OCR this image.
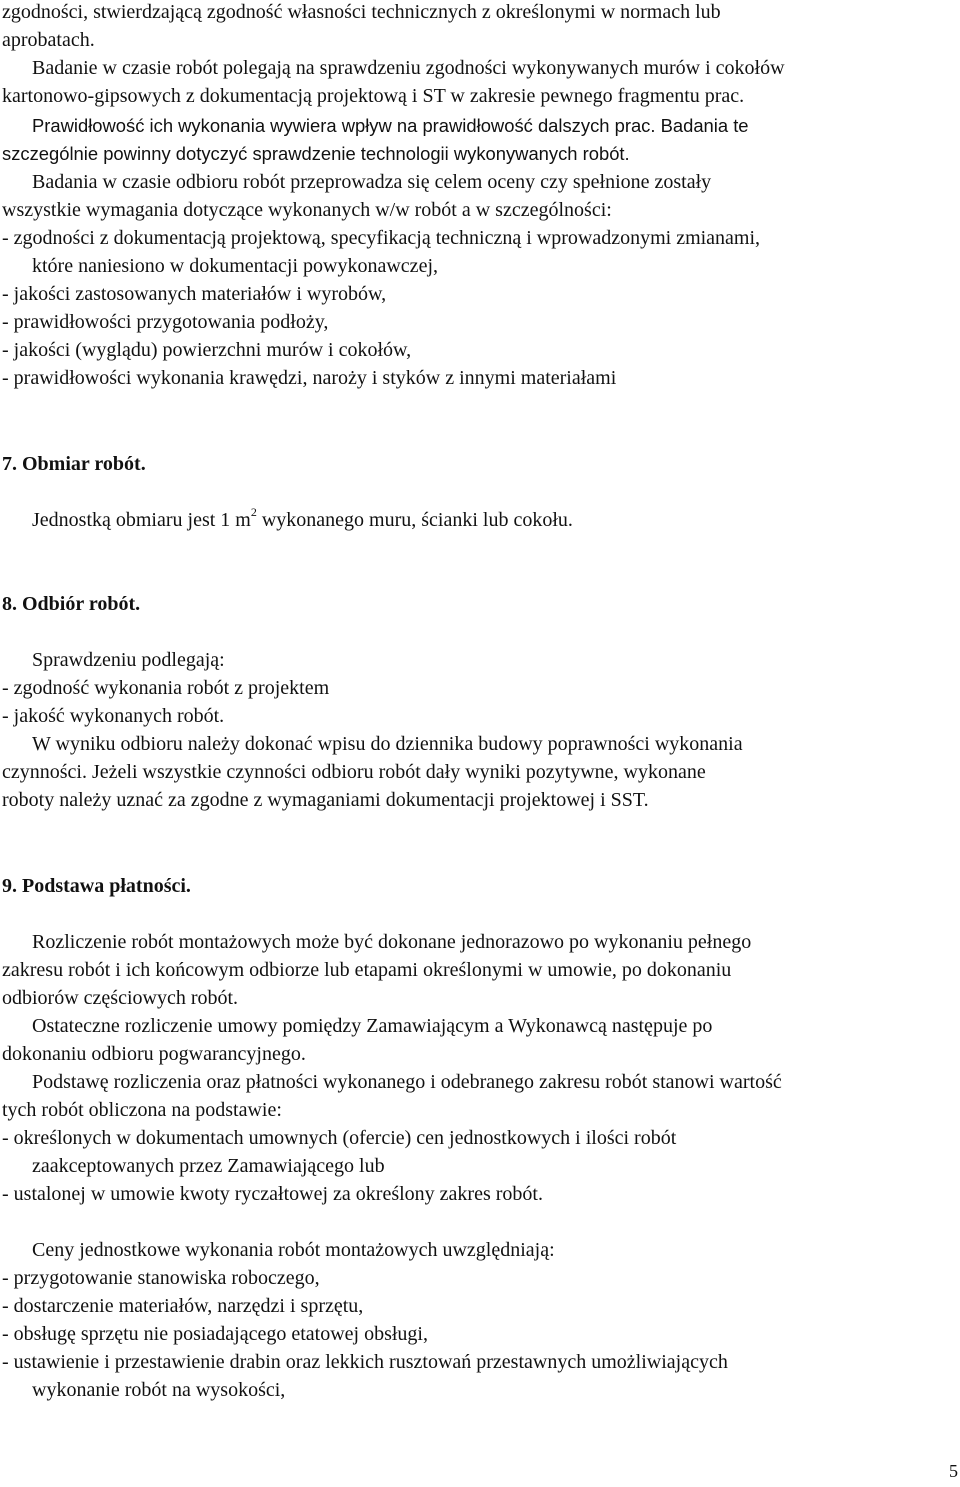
zgodności, stwierdzającą zgodność własności technicznych z określonymi w normach lub
aprobatach.
Badanie w czasie robót polegają na sprawdzeniu zgodności wykonywanych murów i cokołów
kartonowo-gipsowych z dokumentacją projektową i ST w zakresie pewnego fragmentu prac.
Prawidłowość ich wykonania wywiera wpływ na prawidłowość dalszych prac. Badania te
szczególnie powinny dotyczyć sprawdzenie technologii wykonywanych robót.
Badania w czasie odbioru robót przeprowadza się celem oceny czy spełnione zostały
wszystkie wymagania dotyczące wykonanych w/w robót a w szczególności:
- zgodności z dokumentacją projektową, specyfikacją techniczną i wprowadzonymi zmianami,
które naniesiono w dokumentacji powykonawczej,
- jakości zastosowanych materiałów i wyrobów,
- prawidłowości przygotowania podłoży,
- jakości (wyglądu) powierzchni murów i cokołów,
- prawidłowości wykonania krawędzi, naroży i styków z innymi materiałami
7. Obmiar robót.
Jednostką obmiaru jest 1 $m^2$ wykonanego muru, ścianki lub cokołu.
8. Odbiór robót.
Sprawdzeniu podlegają:
- zgodność wykonania robót z projektem
- jakość wykonanych robót.
W wyniku odbioru należy dokonać wpisu do dziennika budowy poprawności wykonania
czynności. Jeżeli wszystkie czynności odbioru robót dały wyniki pozytywne, wykonane
roboty należy uznać za zgodne z wymaganiami dokumentacji projektowej i SST.
9. Podstawa płatności.
Rozliczenie robót montażowych może być dokonane jednorazowo po wykonaniu pełnego
zakresu robót i ich końcowym odbiorze lub etapami określonymi w umowie, po dokonaniu
odbiorów częściowych robót.
Ostateczne rozliczenie umowy pomiędzy Zamawiającym a Wykonawcą następuje po
dokonaniu odbioru pogwarancyjnego.
Podstawę rozliczenia oraz płatności wykonanego i odebranego zakresu robót stanowi wartość
tych robót obliczona na podstawie:
- określonych w dokumentach umownych (ofercie) cen jednostkowych i ilości robót
zaakceptowanych przez Zamawiającego lub
- ustalonej w umowie kwoty ryczałtowej za określony zakres robót.
Ceny jednostkowe wykonania robót montażowych uwzględniają:
- przygotowanie stanowiska roboczego,
- dostarczenie materiałów, narzędzi i sprzętu,
- obsługę sprzętu nie posiadającego etatowej obsługi,
- ustawienie i przestawienie drabin oraz lekkich rusztowań przestawnych umożliwiających
wykonanie robót na wysokości,
5
